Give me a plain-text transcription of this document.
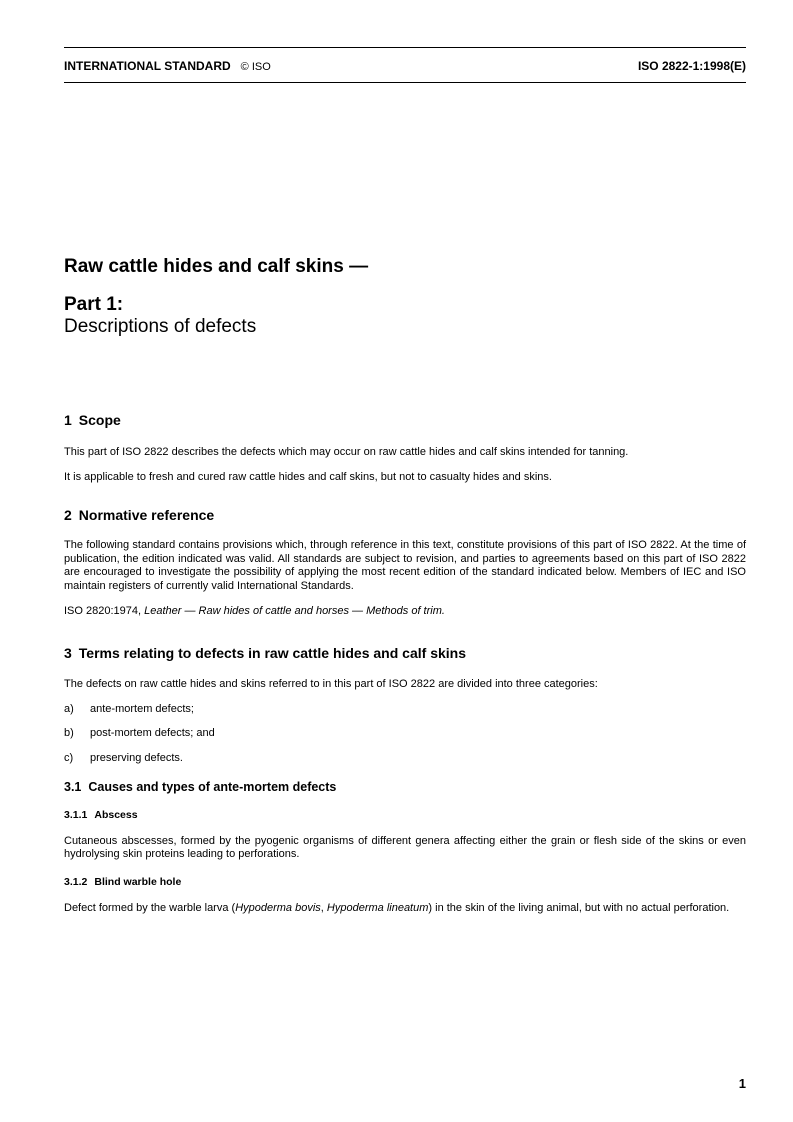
INTERNATIONAL STANDARD © ISO	ISO 2822-1:1998(E)
Raw cattle hides and calf skins —
Part 1:
Descriptions of defects
1 Scope

This part of ISO 2822 describes the defects which may occur on raw cattle hides and calf skins intended for tanning.

It is applicable to fresh and cured raw cattle hides and calf skins, but not to casualty hides and skins.

2 Normative reference

The following standard contains provisions which, through reference in this text, constitute provisions of this part of ISO 2822. At the time of publication, the edition indicated was valid. All standards are subject to revision, and parties to agreements based on this part of ISO 2822 are encouraged to investigate the possibility of applying the most recent edition of the standard indicated below. Members of IEC and ISO maintain registers of currently valid International Standards.

ISO 2820:1974, Leather — Raw hides of cattle and horses — Methods of trim.

3 Terms relating to defects in raw cattle hides and calf skins

The defects on raw cattle hides and skins referred to in this part of ISO 2822 are divided into three categories:

a) ante-mortem defects;
b) post-mortem defects; and
c) preserving defects.
3.1 Causes and types of ante-mortem defects
3.1.1 Abscess

Cutaneous abscesses, formed by the pyogenic organisms of different genera affecting either the grain or flesh side of the skins or even hydrolysing skin proteins leading to perforations.

3.1.2 Blind warble hole

Defect formed by the warble larva (Hypoderma bovis, Hypoderma lineatum) in the skin of the living animal, but with no actual perforation.

1
